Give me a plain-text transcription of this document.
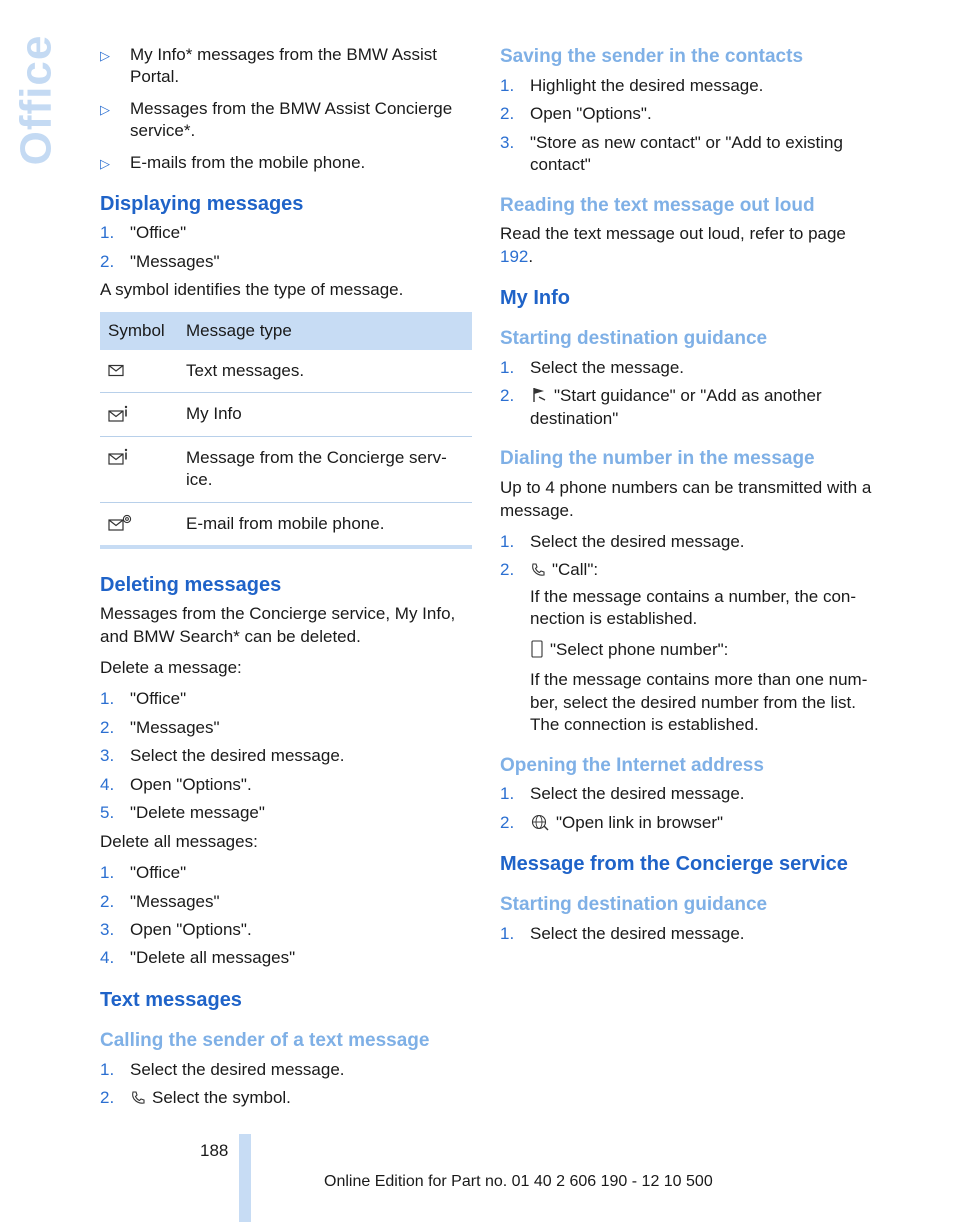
Office	▷ My Info* messages from the BMW Assist Portal.
▷ Messages from the BMW Assist Concierge service*.
▷ E-mails from the mobile phone.
Displaying messages
1. "Office"
2. "Messages"

A symbol identifies the type of message.

Symbol	Message type
	Text messages.
	My Info
	Message from the Concierge serv-ice.
	E-mail from mobile phone.
Deleting messages

Messages from the Concierge service, My Info, and BMW Search* can be deleted.

Delete a message:

1. "Office"
2. "Messages"
3. Select the desired message.
4. Open "Options".
5. "Delete message"

Delete all messages:

1. "Office"
2. "Messages"
3. Open "Options".
4. "Delete all messages"
Text messages
Calling the sender of a text message
1. Select the desired message.
2. Select the symbol.
Saving the sender in the contacts
1. Highlight the desired message.
2. Open "Options".
3. "Store as new contact" or "Add to existing contact"
Reading the text message out loud

Read the text message out loud, refer to page 192.

My Info
Starting destination guidance
1. Select the message.
2. "Start guidance" or "Add as another destination"
Dialing the number in the message

Up to 4 phone numbers can be transmitted with a message.

1. Select the desired message.
2. "Call":
If the message contains a number, the con-nection is established.
"Select phone number":
If the message contains more than one num-ber, select the desired number from the list. The connection is established.
Opening the Internet address
1. Select the desired message.
2. "Open link in browser"
Message from the Concierge service
Starting destination guidance
1. Select the desired message.
188
Online Edition for Part no. 01 40 2 606 190 - 12 10 500
